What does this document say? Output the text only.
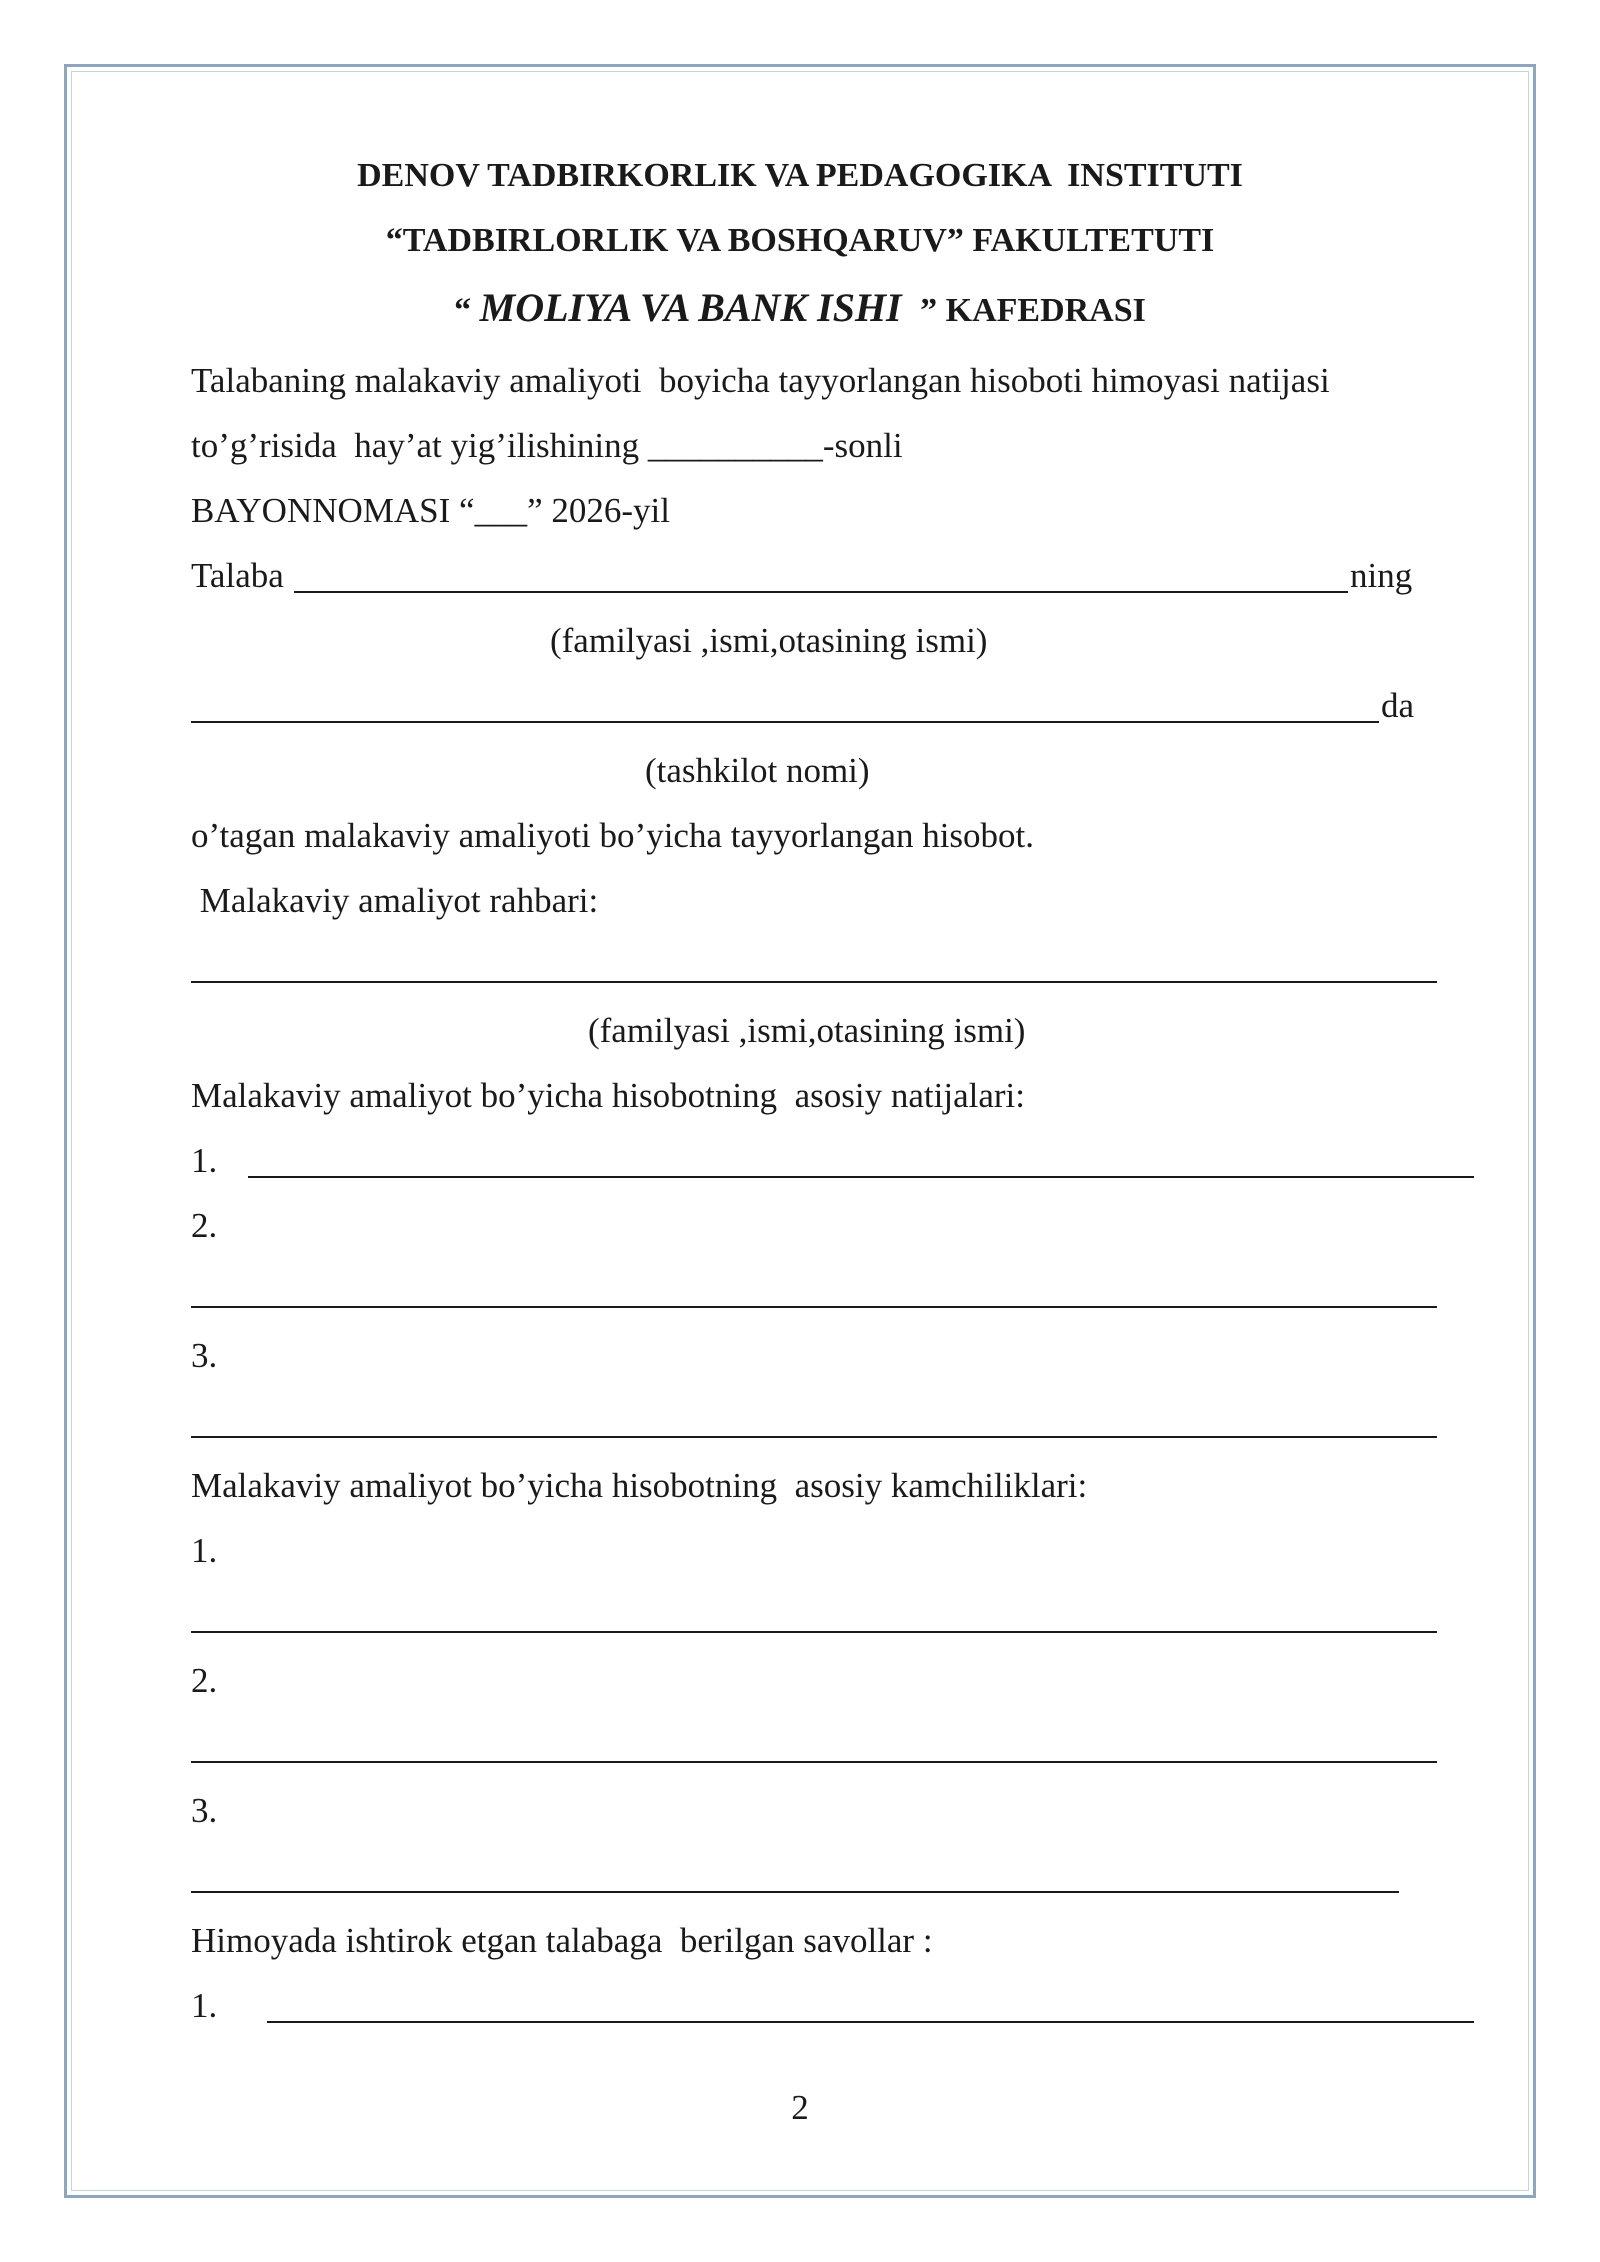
DENOV TADBIRKORLIK VA PEDAGOGIKA  INSTITUTI
“TADBIRLORLIK VA BOSHQARUV” FAKULTETUTI
“ MOLIYA VA BANK ISHI  ” KAFEDRASI
Talabaning malakaviy amaliyoti  boyicha tayyorlangan hisoboti himoyasi natijasi
to’g’risida  hay’at yig’ilishining __________-sonli
BAYONNOMASI “___” 2026-yil
Talaba	ning
(familyasi ,ismi,otasining ismi)
da
(tashkilot nomi)
o’tagan malakaviy amaliyoti bo’yicha tayyorlangan hisobot.
Malakaviy amaliyot rahbari:
(familyasi ,ismi,otasining ismi)
Malakaviy amaliyot bo’yicha hisobotning  asosiy natijalari:
1.
2.
3.
Malakaviy amaliyot bo’yicha hisobotning  asosiy kamchiliklari:
1.
2.
3.
Himoyada ishtirok etgan talabaga  berilgan savollar :
1.
2
